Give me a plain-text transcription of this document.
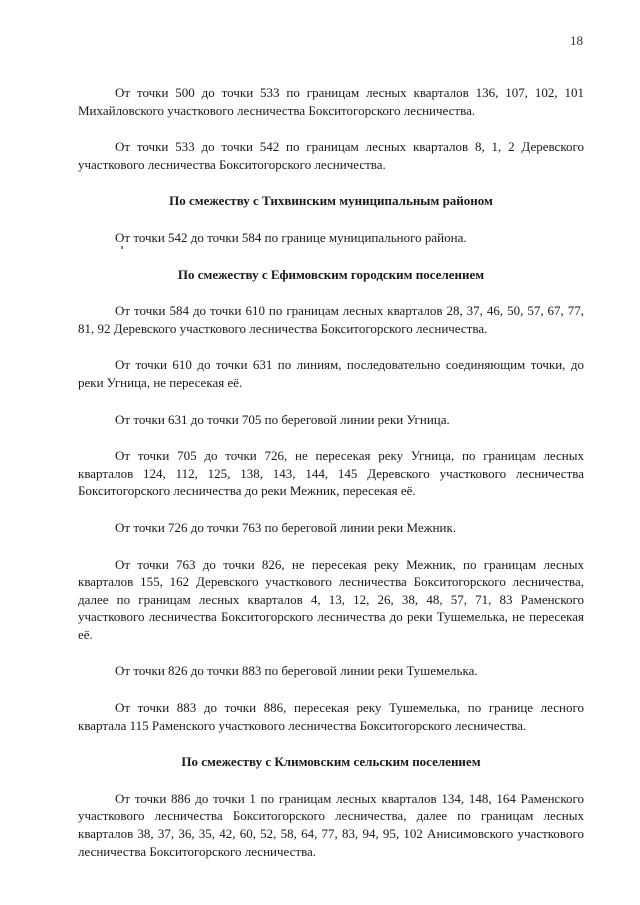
18

От точки 500 до точки 533 по границам лесных кварталов 136, 107, 102, 101 Михайловского участкового лесничества Бокситогорского лесничества.

От точки 533 до точки 542 по границам лесных кварталов 8, 1, 2 Деревского участкового лесничества Бокситогорского лесничества.

По смежеству с Тихвинским муниципальным районом

От точки 542 до точки 584 по границе муниципального района.

По смежеству с Ефимовским городским поселением

От точки 584 до точки 610 по границам лесных кварталов 28, 37, 46, 50, 57, 67, 77, 81, 92 Деревского участкового лесничества Бокситогорского лесничества.

От точки 610 до точки 631 по линиям, последовательно соединяющим точки, до реки Угница, не пересекая её.

От точки 631 до точки 705 по береговой линии реки Угница.

От точки 705 до точки 726, не пересекая реку Угница, по границам лесных кварталов 124, 112, 125, 138, 143, 144, 145 Деревского участкового лесничества Бокситогорского лесничества до реки Межник, пересекая её.

От точки 726 до точки 763 по береговой линии реки Межник.

От точки 763 до точки 826, не пересекая реку Межник, по границам лесных кварталов 155, 162 Деревского участкового лесничества Бокситогорского лесничества, далее по границам лесных кварталов 4, 13, 12, 26, 38, 48, 57, 71, 83 Раменского участкового лесничества Бокситогорского лесничества до реки Тушемелька, не пересекая её.

От точки 826 до точки 883 по береговой линии реки Тушемелька.

От точки 883 до точки 886, пересекая реку Тушемелька, по границе лесного квартала 115 Раменского участкового лесничества Бокситогорского лесничества.

По смежеству с Климовским сельским поселением

От точки 886 до точки 1 по границам лесных кварталов 134, 148, 164 Раменского участкового лесничества Бокситогорского лесничества, далее по границам лесных кварталов 38, 37, 36, 35, 42, 60, 52, 58, 64, 77, 83, 94, 95, 102 Анисимовского участкового лесничества Бокситогорского лесничества.
